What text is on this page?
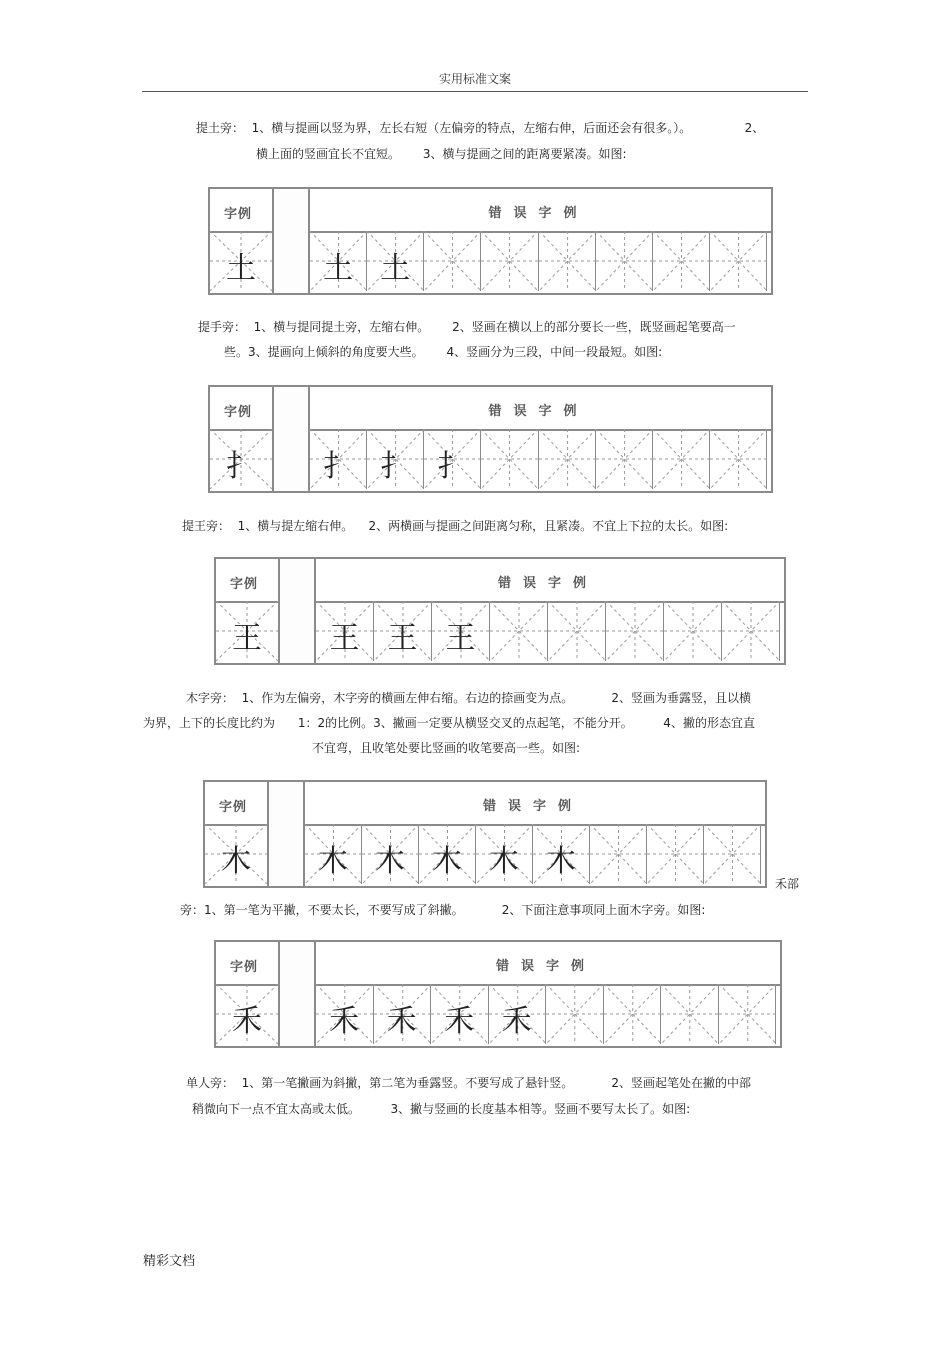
实用标准文案
提土旁：  1、横与提画以竖为界，左长右短（左偏旁的特点，左缩右伸，后面还会有很多。）。              2、
横上面的竖画宜长不宜短。      3、横与提画之间的距离要紧凑。如图:
字例	错误字例
土	土 土
提手旁：  1、横与提同提土旁，左缩右伸。      2、竖画在横以上的部分要长一些，既竖画起笔要高一
些。3、提画向上倾斜的角度要大些。      4、竖画分为三段，中间一段最短。如图:
字例	错误字例
扌	扌 扌 扌
提王旁：  1、横与提左缩右伸。    2、两横画与提画之间距离匀称，且紧凑。不宜上下拉的太长。如图:
字例	错误字例
王	王 王 王
木字旁：  1、作为左偏旁，木字旁的横画左伸右缩。右边的捺画变为点。          2、竖画为垂露竖，且以横
为界，上下的长度比约为      1：2的比例。3、撇画一定要从横竖交叉的点起笔，不能分开。        4、撇的形态宜直
不宜弯，且收笔处要比竖画的收笔要高一些。如图:
字例	错误字例
木	木 木 木 木 木
禾部
旁：1、第一笔为平撇，不要太长，不要写成了斜撇。          2、下面注意事项同上面木字旁。如图:
字例	错误字例
禾	禾 禾 禾 禾
单人旁：  1、第一笔撇画为斜撇，第二笔为垂露竖。不要写成了悬针竖。          2、竖画起笔处在撇的中部
稍微向下一点不宜太高或太低。        3、撇与竖画的长度基本相等。竖画不要写太长了。如图:
精彩文档
